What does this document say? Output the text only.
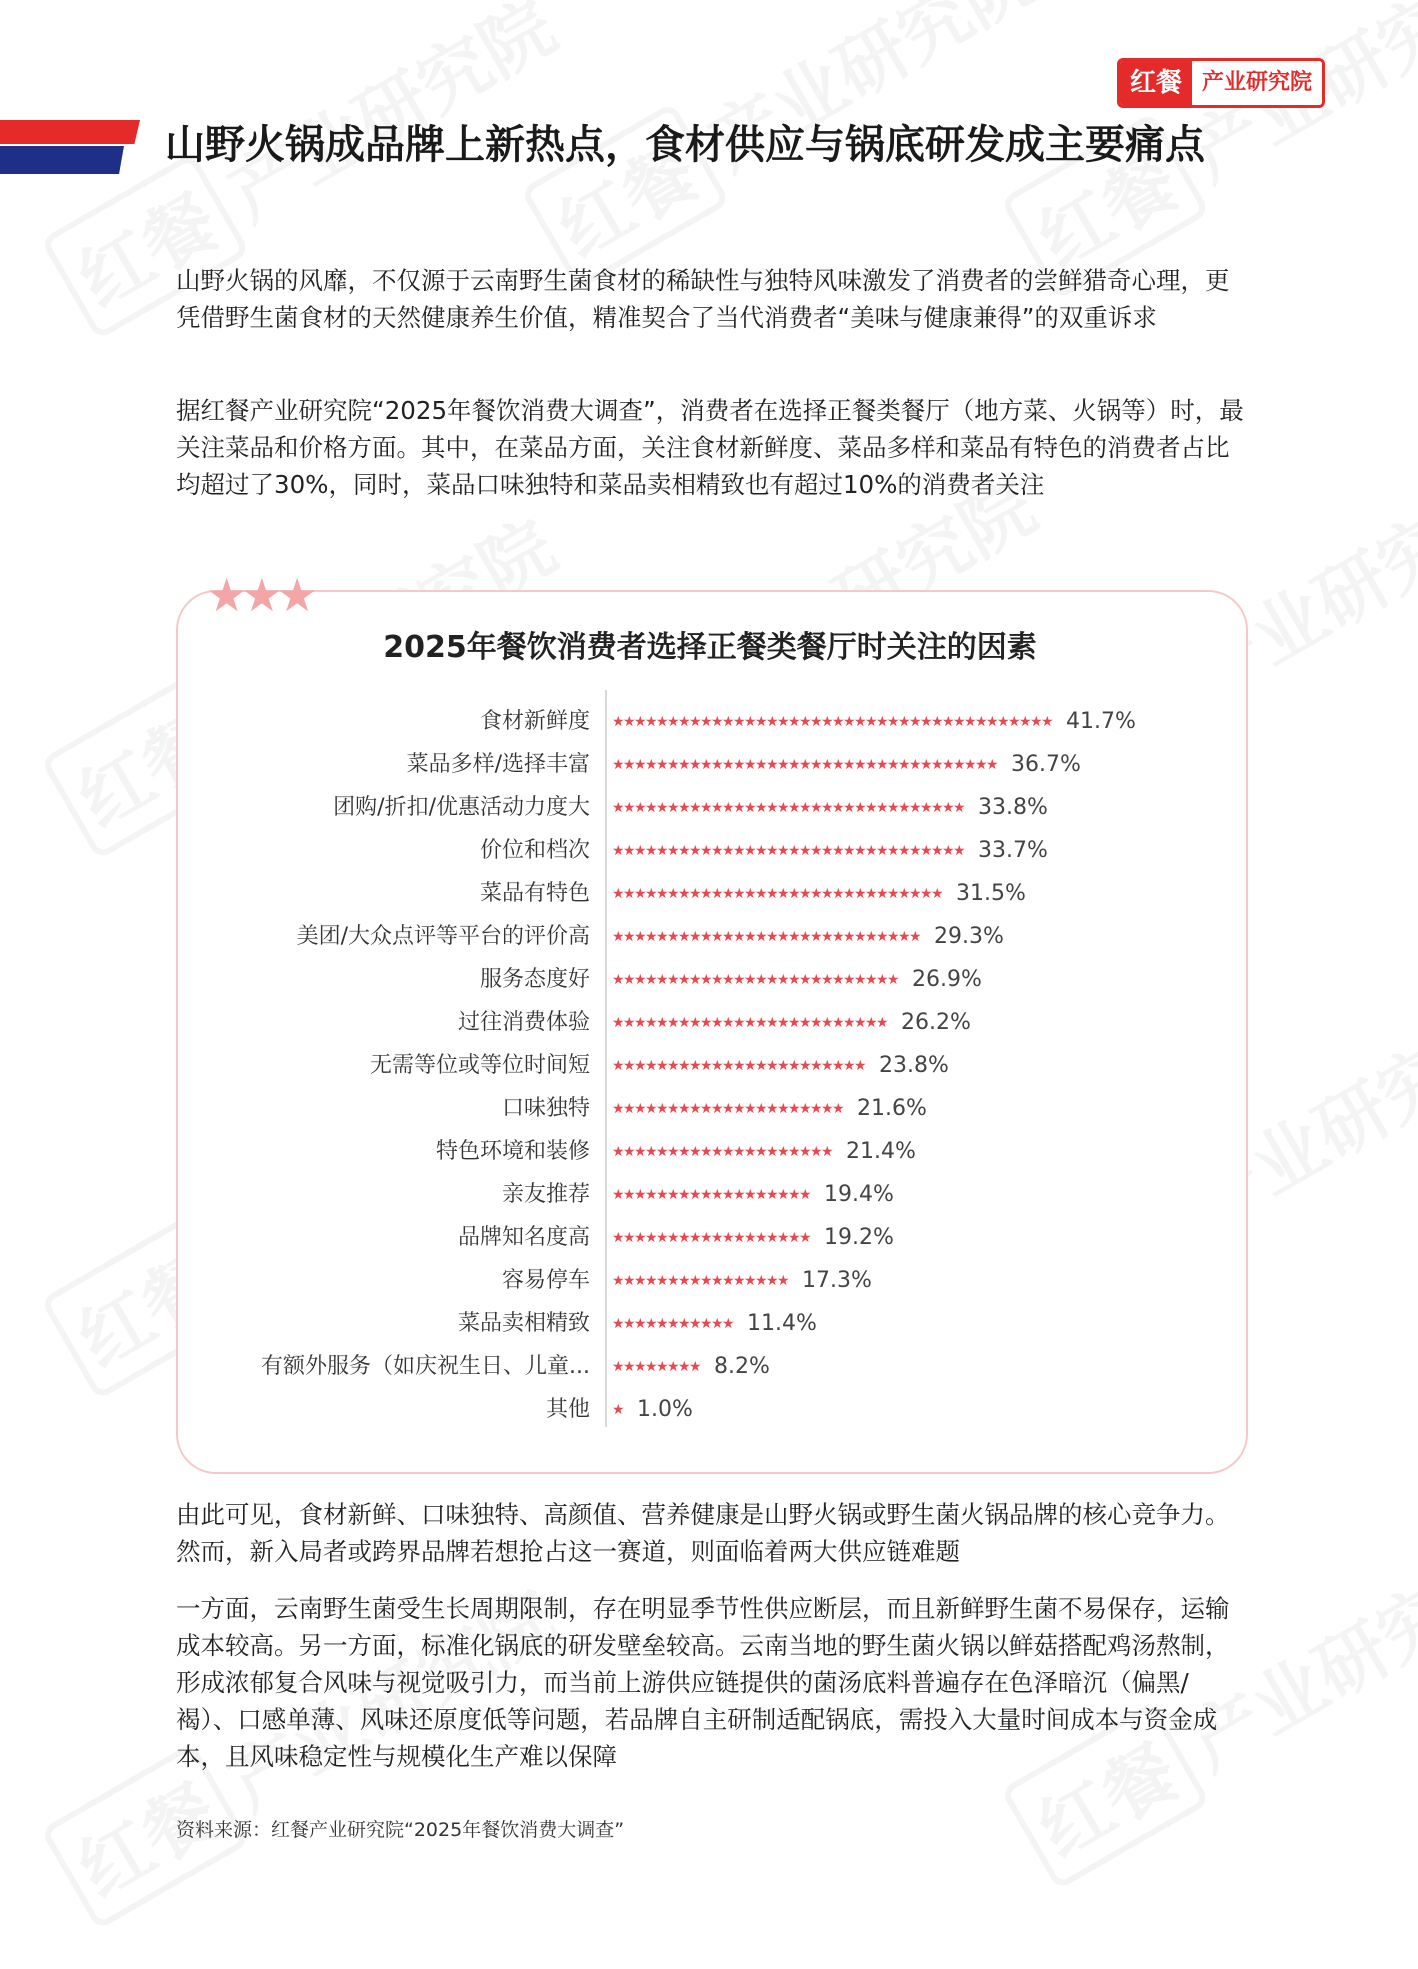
红餐 产业研究院
山野火锅成品牌上新热点，食材供应与锅底研发成主要痛点
山野火锅的风靡，不仅源于云南野生菌食材的稀缺性与独特风味激发了消费者的尝鲜猎奇心理，更凭借野生菌食材的天然健康养生价值，精准契合了当代消费者“美味与健康兼得”的双重诉求
据红餐产业研究院“2025年餐饮消费大调查”，消费者在选择正餐类餐厅（地方菜、火锅等）时，最关注菜品和价格方面。其中，在菜品方面，关注食材新鲜度、菜品多样和菜品有特色的消费者占比均超过了30%，同时，菜品口味独特和菜品卖相精致也有超过10%的消费者关注
★★★
2025年餐饮消费者选择正餐类餐厅时关注的因素
食材新鲜度 ★
★
★
★
★
★
★
★
★
★
★
★
★
★
★
★
★
★
★
★
★
★
★
★
★
★
★
★
★
★
★
★
★
★
★
★
★
★
★
★ 41.7%
菜品多样/选择丰富 ★
★
★
★
★
★
★
★
★
★
★
★
★
★
★
★
★
★
★
★
★
★
★
★
★
★
★
★
★
★
★
★
★
★
★ 36.7%
团购/折扣/优惠活动力度大 ★
★
★
★
★
★
★
★
★
★
★
★
★
★
★
★
★
★
★
★
★
★
★
★
★
★
★
★
★
★
★
★ 33.8%
价位和档次 ★
★
★
★
★
★
★
★
★
★
★
★
★
★
★
★
★
★
★
★
★
★
★
★
★
★
★
★
★
★
★
★ 33.7%
菜品有特色 ★
★
★
★
★
★
★
★
★
★
★
★
★
★
★
★
★
★
★
★
★
★
★
★
★
★
★
★
★
★ 31.5%
美团/大众点评等平台的评价高 ★
★
★
★
★
★
★
★
★
★
★
★
★
★
★
★
★
★
★
★
★
★
★
★
★
★
★
★ 29.3%
服务态度好 ★
★
★
★
★
★
★
★
★
★
★
★
★
★
★
★
★
★
★
★
★
★
★
★
★
★ 26.9%
过往消费体验 ★
★
★
★
★
★
★
★
★
★
★
★
★
★
★
★
★
★
★
★
★
★
★
★
★ 26.2%
无需等位或等位时间短 ★
★
★
★
★
★
★
★
★
★
★
★
★
★
★
★
★
★
★
★
★
★
★ 23.8%
口味独特 ★
★
★
★
★
★
★
★
★
★
★
★
★
★
★
★
★
★
★
★
★ 21.6%
特色环境和装修 ★
★
★
★
★
★
★
★
★
★
★
★
★
★
★
★
★
★
★
★ 21.4%
亲友推荐 ★
★
★
★
★
★
★
★
★
★
★
★
★
★
★
★
★
★ 19.4%
品牌知名度高 ★
★
★
★
★
★
★
★
★
★
★
★
★
★
★
★
★
★ 19.2%
容易停车 ★
★
★
★
★
★
★
★
★
★
★
★
★
★
★
★ 17.3%
菜品卖相精致 ★
★
★
★
★
★
★
★
★
★
★ 11.4%
有额外服务（如庆祝生日、儿童... ★
★
★
★
★
★
★
★ 8.2%
其他 ★ 1.0%
由此可见，食材新鲜、口味独特、高颜值、营养健康是山野火锅或野生菌火锅品牌的核心竞争力。然而，新入局者或跨界品牌若想抢占这一赛道，则面临着两大供应链难题
一方面，云南野生菌受生长周期限制，存在明显季节性供应断层，而且新鲜野生菌不易保存，运输成本较高。另一方面，标准化锅底的研发壁垒较高。云南当地的野生菌火锅以鲜菇搭配鸡汤熬制，形成浓郁复合风味与视觉吸引力，而当前上游供应链提供的菌汤底料普遍存在色泽暗沉（偏黑/褐）、口感单薄、风味还原度低等问题，若品牌自主研制适配锅底，需投入大量时间成本与资金成本，且风味稳定性与规模化生产难以保障
资料来源：红餐产业研究院“2025年餐饮消费大调查”
